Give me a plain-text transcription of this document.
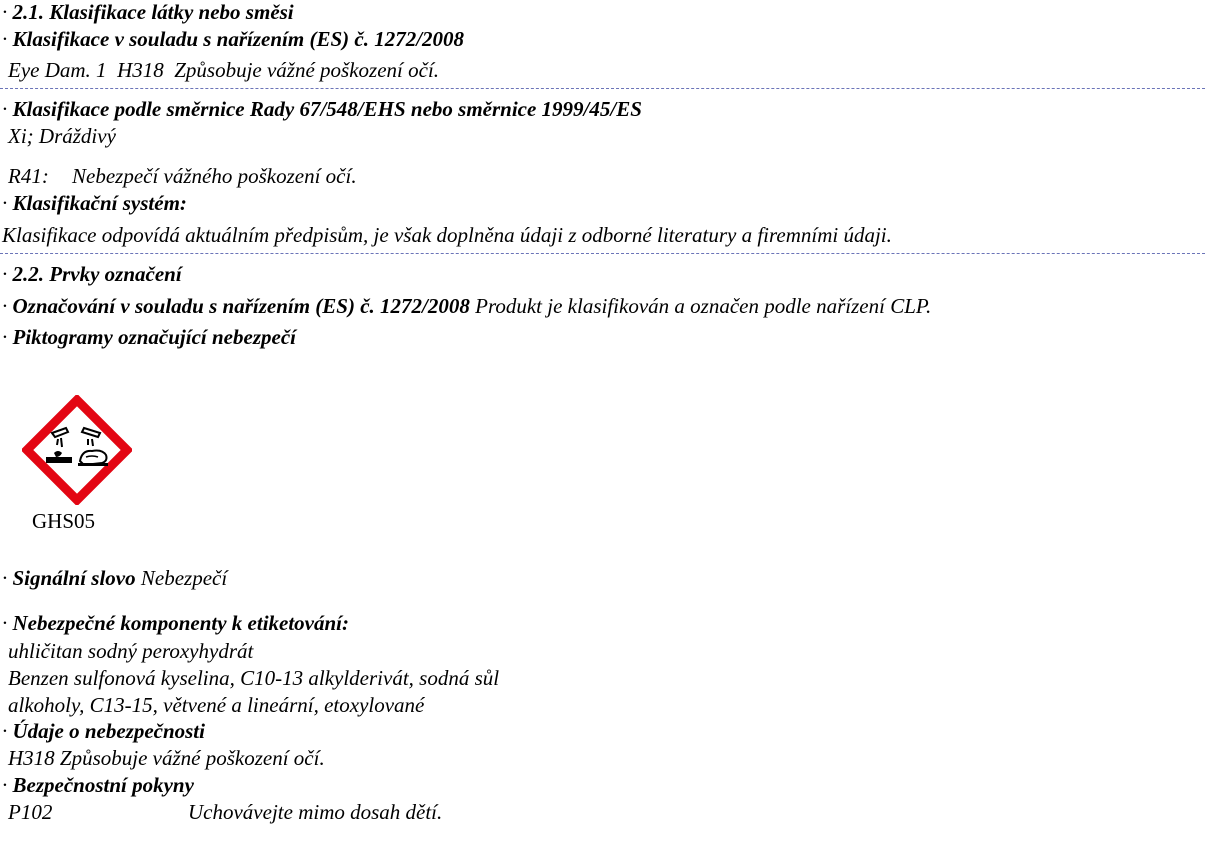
· 2.1. Klasifikace látky nebo směsi
· Klasifikace v souladu s nařízením (ES) č. 1272/2008
Eye Dam. 1 H318 Způsobuje vážné poškození očí.
· Klasifikace podle směrnice Rady 67/548/EHS nebo směrnice 1999/45/ES
Xi; Dráždivý
R41: Nebezpečí vážného poškození očí.
· Klasifikační systém:
Klasifikace odpovídá aktuálním předpisům, je však doplněna údaji z odborné literatury a firemními údaji.
· 2.2. Prvky označení
· Označování v souladu s nařízením (ES) č. 1272/2008 Produkt je klasifikován a označen podle nařízení CLP.
· Piktogramy označující nebezpečí
GHS05
· Signální slovo Nebezpečí
· Nebezpečné komponenty k etiketování:
uhličitan sodný peroxyhydrát
Benzen sulfonová kyselina, C10-13 alkylderivát, sodná sůl
alkoholy, C13-15, větvené a lineární, etoxylované
· Údaje o nebezpečnosti
H318 Způsobuje vážné poškození očí.
· Bezpečnostní pokyny
P102	Uchovávejte mimo dosah dětí.
